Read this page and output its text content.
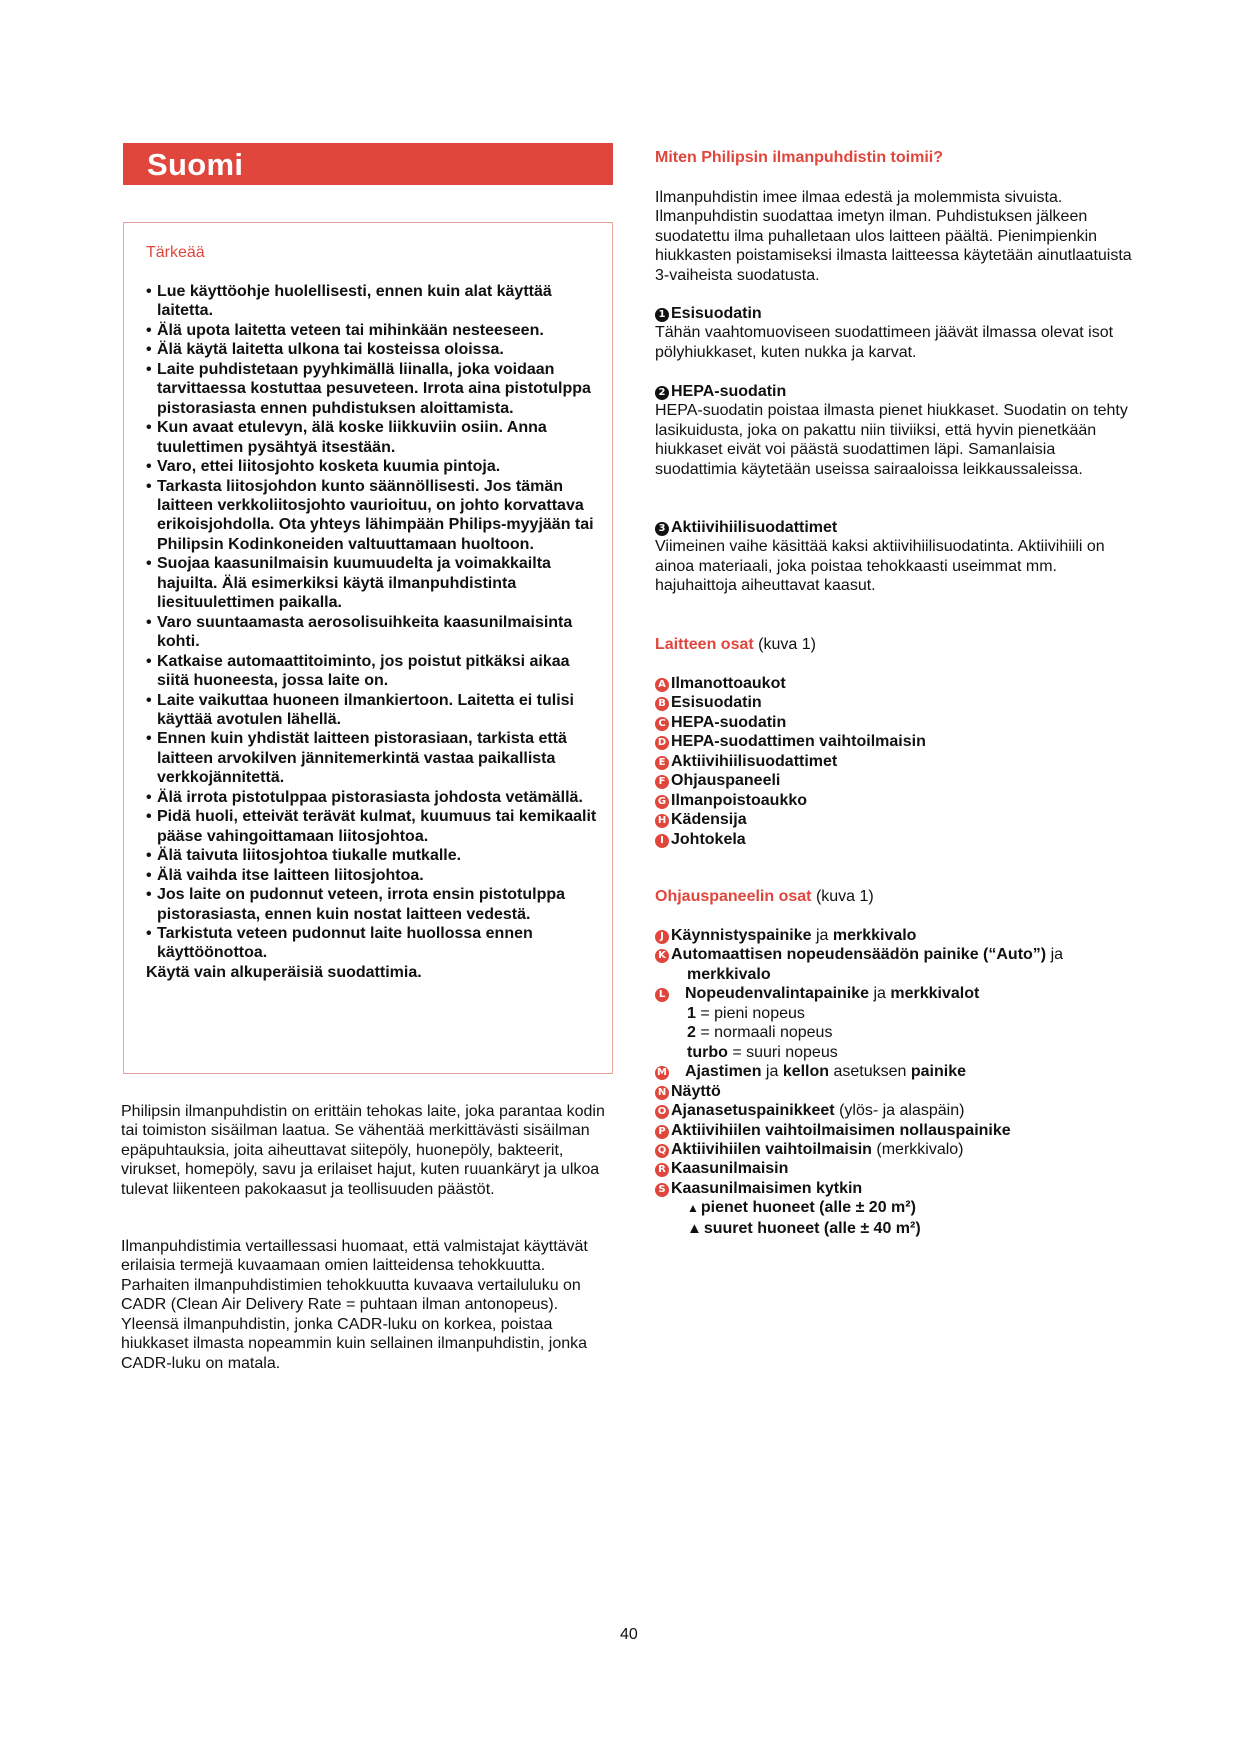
Suomi
Tärkeää
• Lue käyttöohje huolellisesti, ennen kuin alat käyttää laitetta.
• Älä upota laitetta veteen tai mihinkään nesteeseen.
• Älä käytä laitetta ulkona tai kosteissa oloissa.
• Laite puhdistetaan pyyhkimällä liinalla, joka voidaan tarvittaessa kostuttaa pesuveteen. Irrota aina pistotulppa pistorasiasta ennen puhdistuksen aloittamista.
• Kun avaat etulevyn, älä koske liikkuviin osiin. Anna tuulettimen pysähtyä itsestään.
• Varo, ettei liitosjohto kosketa kuumia pintoja.
• Tarkasta liitosjohdon kunto säännöllisesti. Jos tämän laitteen verkkoliitosjohto vaurioituu, on johto korvattava erikoisjohdolla. Ota yhteys lähimpään Philips-myyjään tai Philipsin Kodinkoneiden valtuuttamaan huoltoon.
• Suojaa kaasunilmaisin kuumuudelta ja voimakkailta hajuilta. Älä esimerkiksi käytä ilmanpuhdistinta liesituulettimen paikalla.
• Varo suuntaamasta aerosolisuihkeita kaasunilmaisinta kohti.
• Katkaise automaattitoiminto, jos poistut pitkäksi aikaa siitä huoneesta, jossa laite on.
• Laite vaikuttaa huoneen ilmankiertoon. Laitetta ei tulisi käyttää avotulen lähellä.
• Ennen kuin yhdistät laitteen pistorasiaan, tarkista että laitteen arvokilven jännitemerkintä vastaa paikallista verkkojännitettä.
• Älä irrota pistotulppaa pistorasiasta johdosta vetämällä.
• Pidä huoli, etteivät terävät kulmat, kuumuus tai kemikaalit pääse vahingoittamaan liitosjohtoa.
• Älä taivuta liitosjohtoa tiukalle mutkalle.
• Älä vaihda itse laitteen liitosjohtoa.
• Jos laite on pudonnut veteen, irrota ensin pistotulppa pistorasiasta, ennen kuin nostat laitteen vedestä.
• Tarkistuta veteen pudonnut laite huollossa ennen käyttöönottoa.
Käytä vain alkuperäisiä suodattimia.
Philipsin ilmanpuhdistin on erittäin tehokas laite, joka parantaa kodin tai toimiston sisäilman laatua. Se vähentää merkittävästi sisäilman epäpuhtauksia, joita aiheuttavat siitepöly, huonepöly, bakteerit, virukset, homepöly, savu ja erilaiset hajut, kuten ruuankäryt ja ulkoa tulevat liikenteen pakokaasut ja teollisuuden päästöt.
Ilmanpuhdistimia vertaillessasi huomaat, että valmistajat käyttävät erilaisia termejä kuvaamaan omien laitteidensa tehokkuutta. Parhaiten ilmanpuhdistimien tehokkuutta kuvaava vertailuluku on CADR (Clean Air Delivery Rate = puhtaan ilman antonopeus). Yleensä ilmanpuhdistin, jonka CADR-luku on korkea, poistaa hiukkaset ilmasta nopeammin kuin sellainen ilmanpuhdistin, jonka CADR-luku on matala.
Miten Philipsin ilmanpuhdistin toimii?
Ilmanpuhdistin imee ilmaa edestä ja molemmista sivuista. Ilmanpuhdistin suodattaa imetyn ilman. Puhdistuksen jälkeen suodatettu ilma puhalletaan ulos laitteen päältä. Pienimpienkin hiukkasten poistamiseksi ilmasta laitteessa käytetään ainutlaatuista 3-vaiheista suodatusta.
1 Esisuodatin
Tähän vaahtomuoviseen suodattimeen jäävät ilmassa olevat isot pölyhiukkaset, kuten nukka ja karvat.
2 HEPA-suodatin
HEPA-suodatin poistaa ilmasta pienet hiukkaset. Suodatin on tehty lasikuidusta, joka on pakattu niin tiiviiksi, että hyvin pienetkään hiukkaset eivät voi päästä suodattimen läpi. Samanlaisia suodattimia käytetään useissa sairaaloissa leikkaussaleissa.
3 Aktiivihiilisuodattimet
Viimeinen vaihe käsittää kaksi aktiivihiilisuodatinta. Aktiivihiili on ainoa materiaali, joka poistaa tehokkaasti useimmat mm. hajuhaittoja aiheuttavat kaasut.
Laitteen osat (kuva 1)
A Ilmanottoaukot
B Esisuodatin
C HEPA-suodatin
D HEPA-suodattimen vaihtoilmaisin
E Aktiivihiilisuodattimet
F Ohjauspaneeli
G Ilmanpoistoaukko
H Kädensija
I Johtokela
Ohjauspaneelin osat (kuva 1)
J Käynnistyspainike ja merkkivalo
K Automaattisen nopeudensäädön painike (“Auto”) ja
merkkivalo
L Nopeudenvalintapainike ja merkkivalot
1 = pieni nopeus
2 = normaali nopeus
turbo = suuri nopeus
M Ajastimen ja kellon asetuksen painike
N Näyttö
O Ajanasetuspainikkeet (ylös- ja alaspäin)
P Aktiivihiilen vaihtoilmaisimen nollauspainike
Q Aktiivihiilen vaihtoilmaisin (merkkivalo)
R Kaasunilmaisin
S Kaasunilmaisimen kytkin
▲ pienet huoneet (alle ± 20 m²)
▲ suuret huoneet (alle ± 40 m²)
40
